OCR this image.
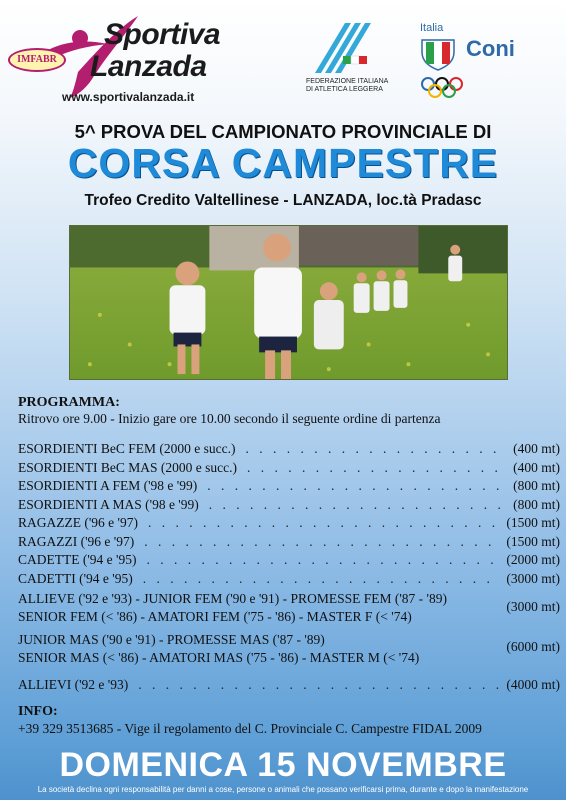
IMFABR
Sportiva
Lanzada
www.sportivalanzada.it
FEDERAZIONE ITALIANA
DI ATLETICA LEGGERA
Italia
Coni
5^ PROVA DEL CAMPIONATO PROVINCIALE DI
CORSA CAMPESTRE
Trofeo Credito Valtellinese - LANZADA, loc.tà Pradasc
PROGRAMMA:
Ritrovo ore 9.00 - Inizio gare ore 10.00 secondo il seguente ordine di partenza
. . .
ESORDIENTI BeC FEM (2000 e succ.)	(400 mt)
. . .
ESORDIENTI BeC MAS (2000 e succ.)	(400 mt)
. . .
ESORDIENTI A FEM ('98 e '99)	(800 mt)
. . .
ESORDIENTI A MAS ('98 e '99)	(800 mt)
. . .
RAGAZZE ('96 e '97)	(1500 mt)
. . .
RAGAZZI ('96 e '97)	(1500 mt)
. . .
CADETTE ('94 e '95)	(2000 mt)
. . .
CADETTI ('94 e '95)	(3000 mt)
ALLIEVE ('92 e '93) - JUNIOR FEM ('90 e '91) - PROMESSE FEM ('87 - '89)
SENIOR FEM (< '86) - AMATORI FEM ('75 - '86) - MASTER F (< '74)
(3000 mt)
JUNIOR MAS ('90 e '91) - PROMESSE MAS ('87 - '89)
SENIOR MAS (< '86) - AMATORI MAS ('75 - '86) - MASTER M (< '74)
(6000 mt)
. . .
ALLIEVI ('92 e '93)	(4000 mt)
INFO:
+39 329 3513685 - Vige il regolamento del C. Provinciale C. Campestre FIDAL 2009
DOMENICA 15 NOVEMBRE
La società declina ogni responsabilità per danni a cose, persone o animali che possano verificarsi prima, durante e dopo la manifestazione
